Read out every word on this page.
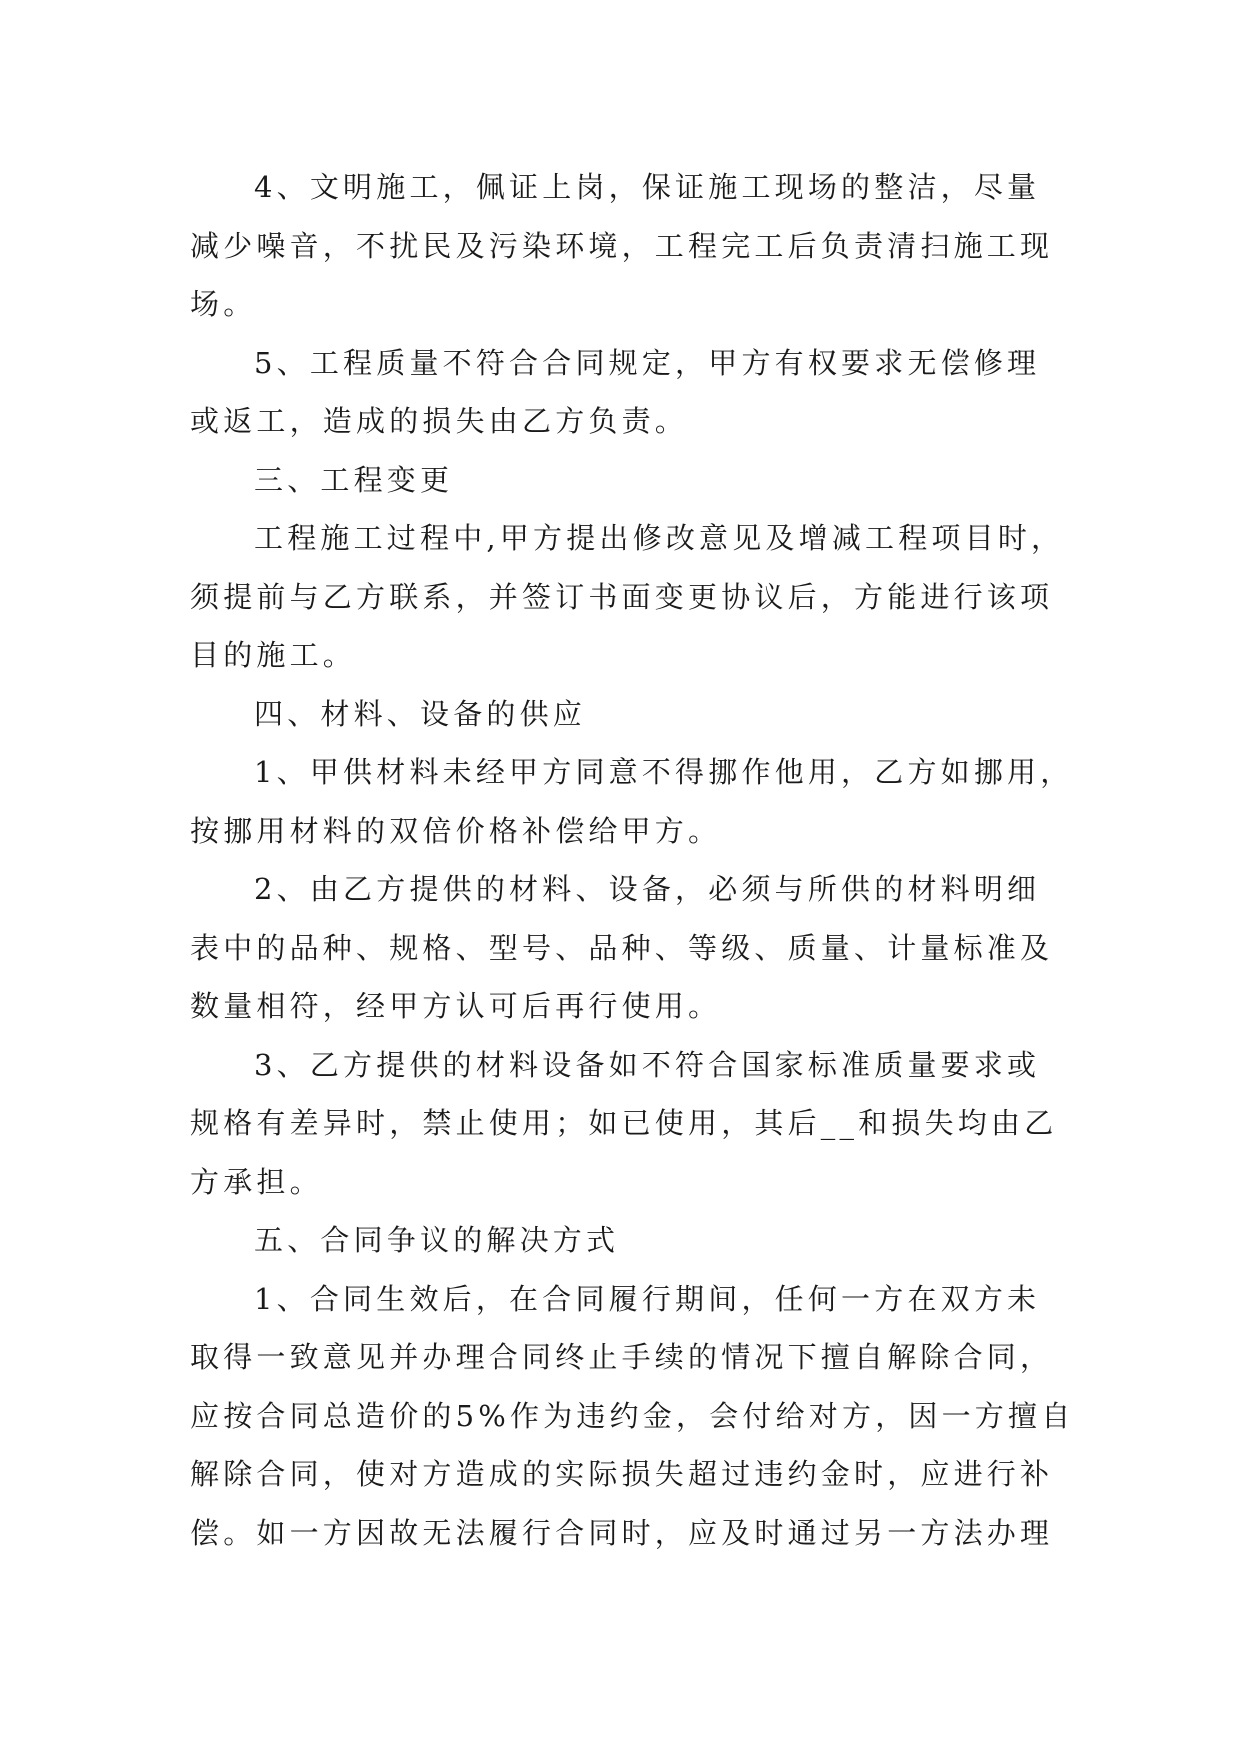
4、文明施工，佩证上岗，保证施工现场的整洁，尽量
减少噪音，不扰民及污染环境，工程完工后负责清扫施工现
场。
5、工程质量不符合合同规定，甲方有权要求无偿修理
或返工，造成的损失由乙方负责。
三、工程变更
工程施工过程中,甲方提出修改意见及增减工程项目时，
须提前与乙方联系，并签订书面变更协议后，方能进行该项
目的施工。
四、材料、设备的供应
1、甲供材料未经甲方同意不得挪作他用，乙方如挪用，
按挪用材料的双倍价格补偿给甲方。
2、由乙方提供的材料、设备，必须与所供的材料明细
表中的品种、规格、型号、品种、等级、质量、计量标准及
数量相符，经甲方认可后再行使用。
3、乙方提供的材料设备如不符合国家标准质量要求或
规格有差异时，禁止使用；如已使用，其后__和损失均由乙
方承担。
五、合同争议的解决方式
1、合同生效后，在合同履行期间，任何一方在双方未
取得一致意见并办理合同终止手续的情况下擅自解除合同，
应按合同总造价的5%作为违约金，会付给对方，因一方擅自
解除合同，使对方造成的实际损失超过违约金时，应进行补
偿。如一方因故无法履行合同时，应及时通过另一方法办理
